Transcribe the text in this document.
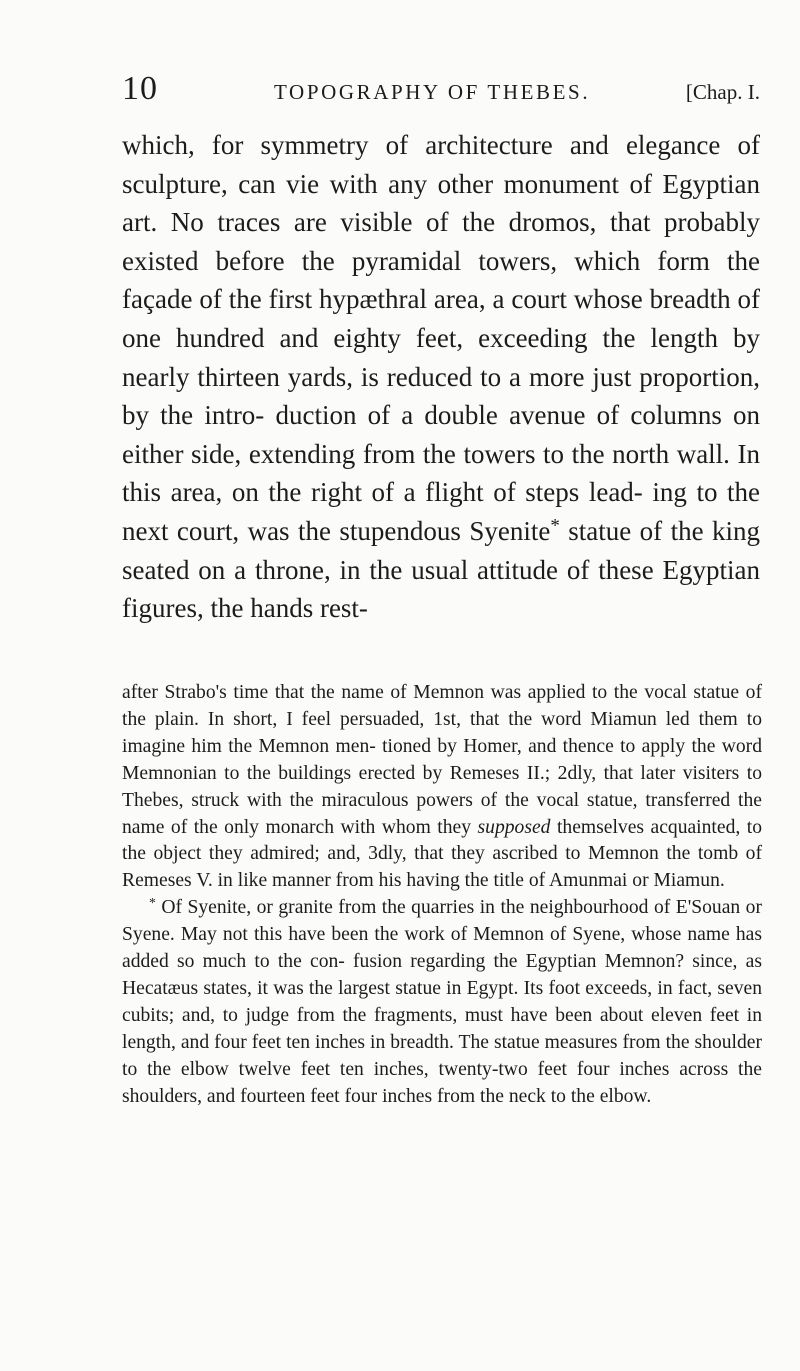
10	TOPOGRAPHY OF THEBES.	[Chap. I.

which, for symmetry of architecture and elegance of sculpture, can vie with any other monument of Egyptian art. No traces are visible of the dromos, that probably existed before the pyramidal towers, which form the façade of the first hypæthral area, a court whose breadth of one hundred and eighty feet, exceeding the length by nearly thirteen yards, is reduced to a more just proportion, by the intro- duction of a double avenue of columns on either side, extending from the towers to the north wall. In this area, on the right of a flight of steps lead- ing to the next court, was the stupendous Syenite* statue of the king seated on a throne, in the usual attitude of these Egyptian figures, the hands rest-

after Strabo's time that the name of Memnon was applied to the vocal statue of the plain. In short, I feel persuaded, 1st, that the word Miamun led them to imagine him the Memnon men- tioned by Homer, and thence to apply the word Memnonian to the buildings erected by Remeses II.; 2dly, that later visiters to Thebes, struck with the miraculous powers of the vocal statue, transferred the name of the only monarch with whom they supposed themselves acquainted, to the object they admired; and, 3dly, that they ascribed to Memnon the tomb of Remeses V. in like manner from his having the title of Amunmai or Miamun.

* Of Syenite, or granite from the quarries in the neighbourhood of E'Souan or Syene. May not this have been the work of Memnon of Syene, whose name has added so much to the con- fusion regarding the Egyptian Memnon? since, as Hecatæus states, it was the largest statue in Egypt. Its foot exceeds, in fact, seven cubits; and, to judge from the fragments, must have been about eleven feet in length, and four feet ten inches in breadth. The statue measures from the shoulder to the elbow twelve feet ten inches, twenty-two feet four inches across the shoulders, and fourteen feet four inches from the neck to the elbow.
